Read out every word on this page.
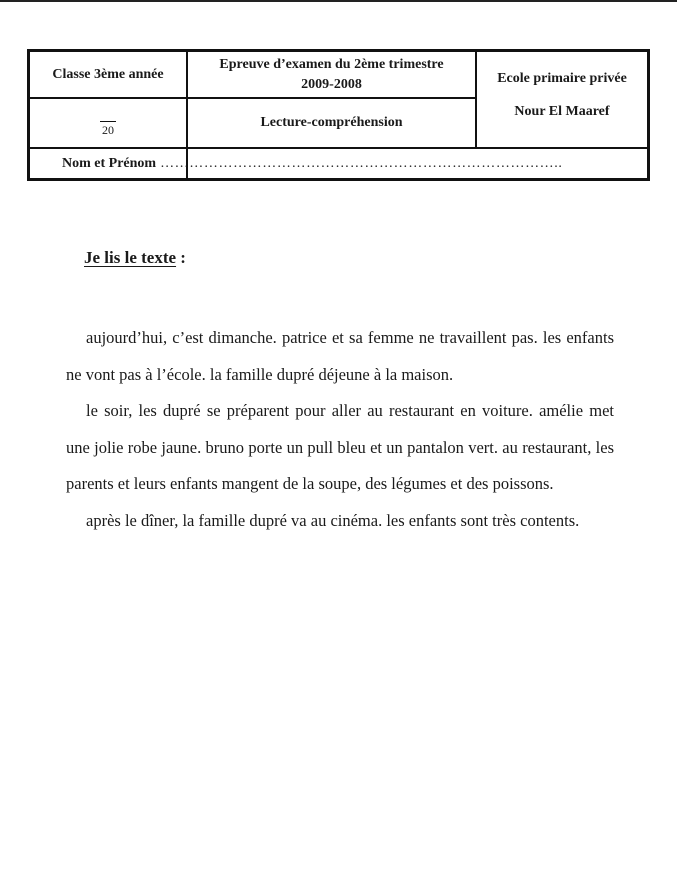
Classe 3ème année
Epreuve d’examen du 2ème trimestre
2009-2008	Ecole primaire privée
20	Lecture-compréhension
Nour El Maaref
Nom et Prénom ………………………………………………………………………..
Je lis le texte :

aujourd’hui, c’est dimanche. patrice et sa femme ne travaillent pas. les enfants ne vont pas à l’école. la famille dupré déjeune à la maison.

le soir, les dupré se préparent pour aller au restaurant en voiture. amélie met une jolie robe jaune. bruno porte un pull bleu et un pantalon vert. au restaurant, les parents et leurs enfants mangent de la soupe, des légumes et des poissons.

après le dîner, la famille dupré va au cinéma. les enfants sont très contents.
